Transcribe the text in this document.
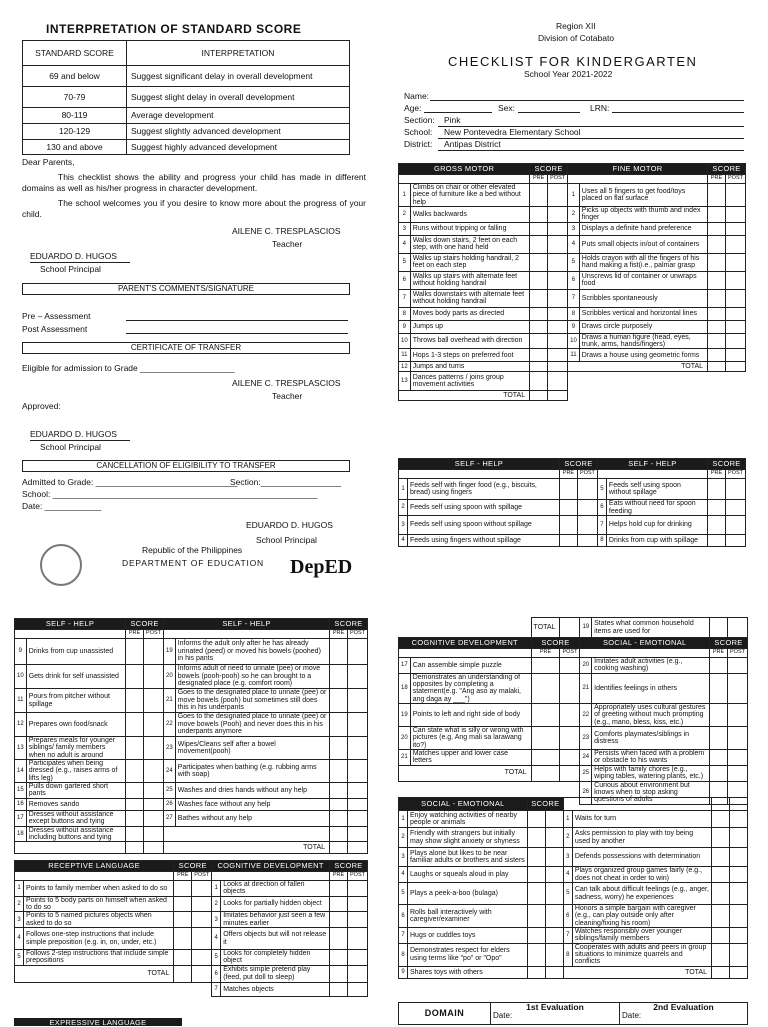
INTERPRETATION OF STANDARD SCORE
STANDARD SCORE	INTERPRETATION
69 and below	Suggest significant delay in overall development
70-79	Suggest slight delay in overall development
80-119	Average development
120-129	Suggest slightly advanced development
130 and above	Suggest highly advanced development
Dear Parents,
This checklist shows the ability and progress your child has made in different domains as well as his/her progress in character development.
The school welcomes you if you desire to know more about the progress of your child.
AILENE C. TRESPLASCIOS
Teacher
EDUARDO D. HUGOS
School Principal
PARENT'S COMMENTS/SIGNATURE
Pre – Assessment
Post Assessment
CERTIFICATE OF TRANSFER
Eligible for admission to Grade ____________________
AILENE C. TRESPLASCIOS
Teacher
Approved:
EDUARDO D. HUGOS
School Principal
CANCELLATION OF ELIGIBILITY TO TRANSFER
Admitted to Grade: ______________________________
Section:_________________
School: ________________________________________________________
Date: ____________
EDUARDO D. HUGOS
School Principal
Republic of the Philippines
DEPARTMENT OF EDUCATION DepED
Region XII
Division of Cotabato
CHECKLIST FOR KINDERGARTEN
School Year 2021-2022
Name:
Age:	Sex:	LRN:
Section:	Pink
School:	New Pontevedra Elementary School
District:	Antipas District
GROSS MOTOR		SCORE		FINE MOTOR		SCORE	
		PRE	POST			PRE	POST
1	Climbs on chair or other elevated piece of furniture like a bed without help			1	Uses all 5 fingers to get food/toys placed on flat surface		
2	Walks backwards			2	Picks up objects with thumb and index finger		
3	Runs without tripping or falling			3	Displays a definite hand preference		
4	Walks down stairs, 2 feet on each step, with one hand held			4	Puts small objects in/out of containers		
5	Walks up stairs holding handrail, 2 feet on each step			5	Holds crayon with all the fingers of his hand making a fist(i.e., palmar grasp		
6	Walks up stairs with alternate feet without holding handrail			6	Unscrews lid of container or unwraps food		
7	Walks downstairs with alternate feet without holding handrail			7	Scribbles spontaneously		
8	Moves body parts as directed			8	Scribbles vertical and horizontal lines		
9	Jumps up			9	Draws circle purposely		
10	Throws ball overhead with direction			10	Draws a human figure (head, eyes, trunk, arms, hands/fingers)		
11	Hops 1-3 steps on preferred foot			11	Draws a house using geometric forms		
12	Jumps and turns			TOTAL			
13	Dances patterns / joins group movement activities						
TOTAL							
SELF - HELP		SCORE		SELF - HELP		SCORE	
		PRE	POST			PRE	POST
1	Feeds self with finger food (e.g., biscuits, bread) using fingers			5	Feeds self using spoon without spillage		
2	Feeds self using spoon with spillage			6	Eats without need for spoon feeding		
3	Feeds self using spoon without spillage			7	Helps hold cup for drinking		
4	Feeds using fingers without spillage			8	Drinks from cup with spillage		
SELF - HELP		SCORE		SELF - HELP		SCORE	
		PRE	POST			PRE	POST
9	Drinks from cup unassisted			19	Informs the adult only after he has already urinated (peed) or moved his bowels (poohed) in his pants		
10	Gets drink for self unassisted			20	Informs adult of need to urinate (pee) or move bowels (pooh-pooh) so he can brought to a designated place (e.g. comfort room)		
11	Pours from pitcher without spillage			21	Goes to the designated place to urinate (pee) or move bowels (pooh) but sometimes still does this in his underpants		
12	Prepares own food/snack			22	Goes to the designated place to urinate (pee) or move bowels (Pooh) and never does this in his underpants anymore		
13	Prepares meals for younger siblings/ family members when no adult is around			23	Wipes/Cleans self after a bowel movement(pooh)		
14	Participates when being dressed (e.g., raises arms of lifts leg)			24	Participates when bathing (e.g. rubbing arms with soap)		
15	Pulls down gartered short pants			25	Washes and dries hands without any help		
16	Removes sando			26	Washes face without any help		
17	Dresses without assistance except buttons and tying			27	Bathes without any help		
18	Dresses without assistance including buttons and tying						
				TOTAL			
RECEPTIVE LANGUAGE		SCORE		COGNITIVE DEVELOPMENT		SCORE	
		PRE	POST			PRE	POST
1	Points to family member when asked to do so			1	Looks at direction of fallen objects		
2	Points to 5 body parts on himself when asked to do so			2	Looks for partially hidden object		
3	Points to 5 named pictures objects when asked to do so			3	Imitates behavior just seen a few minutes earlier		
4	Follows one-step instructions that include simple preposition (e.g. in, on, under, etc.)			4	Offers objects but will not release it		
5	Follows 2-step instructions that include simple prepositions			5	Looks for completely hidden object		
TOTAL				6	Exhibits simple pretend play (feed, put doll to sleep)		
				7	Matches objects		
EXPRESSIVE LANGUAGE
		TOTAL		19	States what common household items are used for		
COGNITIVE DEVELOPMENT		SCORE		SOCIAL - EMOTIONAL		SCORE	
		PRE	POST			PRE	POST
17	Can assemble simple puzzle			20	Imitates adult activities (e.g., cooking washing)		
18	Demonstrates an understanding of opposites by completing a statement(e.g. "Ang aso ay malaki, ang daga ay ___")			21	Identifies feelings in others		
19	Points to left and right side of body			22	Appropriately uses cultural gestures of greeting without much prompting (e.g., mano, bless, kiss, etc.)		
20	Can state what is silly or wrong with pictures (e.g. Ang mali sa larawang ito?)			23	Comforts playmates/siblings in distress		
21	Matches upper and lower case letters			24	Persists when faced with a problem or obstacle to his wants		
TOTAL				25	Helps with family chores (e.g., wiping tables, watering plants, etc.)		
				26	Curious about environment but knows when to stop asking questions of adults		
SOCIAL - EMOTIONAL		SCORE					
1	Enjoy watching activities of nearby people or animals			1	Waits for turn		
2	Friendly with strangers but initially may show slight anxiety or shyness			2	Asks permission to play with toy being used by another		
3	Plays alone but likes to be near familiar adults or brothers and sisters			3	Defends possessions with determination		
4	Laughs or squeals aloud in play			4	Plays organized group games fairly (e.g., does not cheat in order to win)		
5	Plays a peek-a-boo (bulaga)			5	Can talk about difficult feelings (e.g., anger, sadness, worry) he experiences		
6	Rolls ball interactively with caregiver/examiner			6	Honors a simple bargain with caregiver (e.g., can play outside only after cleaning/fixing his room)		
7	Hugs or cuddles toys			7	Watches responsibly over younger siblings/family members		
8	Demonstrates respect for elders using terms like "po" or "Opo"			8	Cooperates with adults and peers in group situations to minimize quarrels and conflicts		
9	Shares toys with others			TOTAL			
DOMAIN	
1st Evaluation
Date:

2nd Evaluation
Date:
